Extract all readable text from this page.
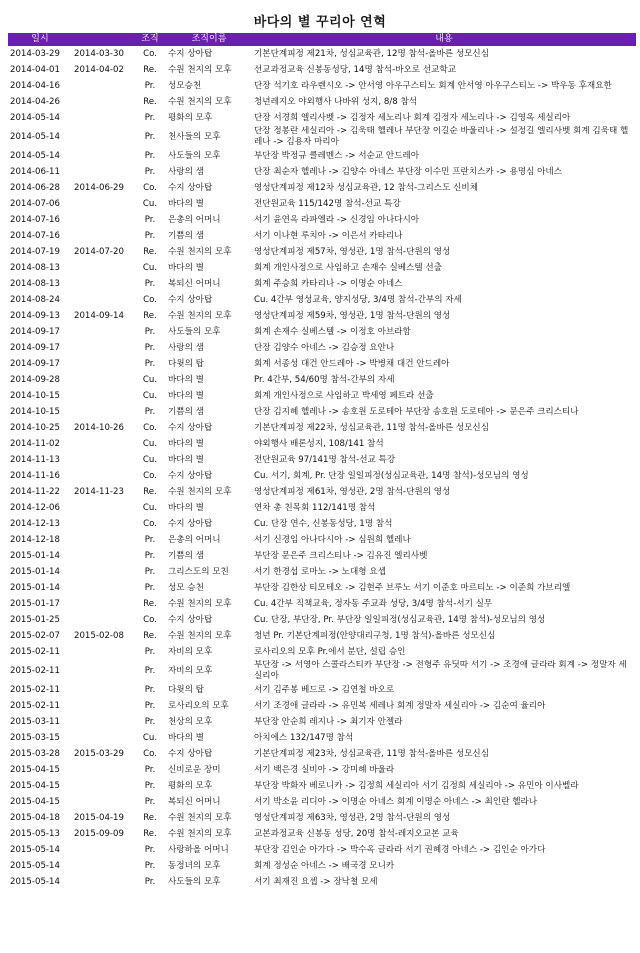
바다의 별 꾸리아 연혁
일시		조직	조직이름	내용
2014-03-29	2014-03-30	Co.	수지 상아탑	기본단계피정 제21차, 성심교육관, 12명 참석-올바른 성모신심
2014-04-01	2014-04-02	Re.	수원 천지의 모후	선교과정교육 신봉동성당, 14명 참석-바오로 선교학교
2014-04-16		Pr.	성모승천	단장 석기호 라우렌시오 -> 안서영 아우구스티노 회계 안서영 아우구스티노 -> 박우동 후재요한
2014-04-26		Re.	수원 천지의 모후	청년레지오 야외행사 나바위 성지, 8/8 참석
2014-05-14		Pr.	평화의 모후	단장 서경희 엘리사벳 -> 김정자 세노리나 회계 김정자 세노리나 -> 김영옥 세실리아
2014-05-14		Pr.	천사들의 모후	단장 정봉란 세실리아 -> 김욱태 헬레나 부단장 이길순 바울리나 -> 설정길 엘리사벳 회계 김욱태 헬레나 -> 김용자 마리아
2014-05-14		Pr.	사도들의 모후	부단장 박정규 클레멘스 -> 서순교 안드레아
2014-06-11		Pr.	사랑의 샘	단장 최순자 헬레나 -> 김양수 아네스 부단장 이수민 프란치스카 -> 용명심 아네스
2014-06-28	2014-06-29	Co.	수지 상아탑	영성단계피정 제12차 성심교육관, 12 참석-그리스도 신비체
2014-07-06		Cu.	바다의 별	전단원교육 115/142명 참석-선교 특강
2014-07-16		Pr.	은총의 어머니	서기 윤연옥 라파엘라 -> 신경임 아나다시아
2014-07-16		Pr.	기쁨의 샘	서기 이나현 루치아 -> 이은서 카타리나
2014-07-19	2014-07-20	Re.	수원 천지의 모후	영성단계피정 제57차, 영성관, 1명 참석-단원의 영성
2014-08-13		Cu.	바다의 별	회계 개인사정으로 사임하고 손재수 실베스텔 선출
2014-08-13		Pr.	복되신 어머니	회계 주승희 카타리나 -> 이명순 아네스
2014-08-24		Co.	수지 상아탑	Cu. 4간부 영성교육, 양지성당, 3/4명 참석-간부의 자세
2014-09-13	2014-09-14	Re.	수원 천지의 모후	영성단계피정 제59차, 영성관, 1명 참석-단원의 영성
2014-09-17		Pr.	사도들의 모후	회계 손재수 실베스텔 -> 이정호 아브라함
2014-09-17		Pr.	사랑의 샘	단장 김양수 아네스 -> 김승정 요안나
2014-09-17		Pr.	다윗의 탑	회계 서종성 대건 안드레아 -> 박병채 대건 안드레아
2014-09-28		Cu.	바다의 별	Pr. 4간부, 54/60명 참석-간부의 자세
2014-10-15		Cu.	바다의 별	회계 개인사정으로 사임하고 박세영 페트라 선출
2014-10-15		Pr.	기쁨의 샘	단장 김지혜 헬레나 -> 송호원 도로테아 부단장 송호원 도로테아 -> 문은주 크리스티나
2014-10-25	2014-10-26	Co.	수지 상아탑	기본단계피정 제22차, 성심교육관, 11명 참석-올바른 성모신심
2014-11-02		Cu.	바다의 별	야외행사 배론성지, 108/141 참석
2014-11-13		Cu.	바다의 별	전단원교육 97/141명 참석-선교 특강
2014-11-16		Co.	수지 상아탑	Cu. 서기, 회계, Pr. 단장 일일피정(성심교육관, 14명 참석)-성모님의 영성
2014-11-22	2014-11-23	Re.	수원 천지의 모후	영성단계피정 제61차, 영성관, 2명 참석-단원의 영성
2014-12-06		Cu.	바다의 별	연차 총 친목회 112/141명 참석
2014-12-13		Co.	수지 상아탑	Cu. 단장 연수, 신봉동성당, 1명 참석
2014-12-18		Pr.	은총의 어머니	서기 신경임 아나다시아 -> 심원희 헬레나
2015-01-14		Pr.	기쁨의 샘	부단장 문은주 크리스티나 -> 김유진 엘리사벳
2015-01-14		Pr.	그리스도의 모친	서기 한경섭 로마노 -> 노대형 요셉
2015-01-14		Pr.	성모 승천	부단장 김한상 티모테오 -> 김현주 브루노 서기 이준호 마르티노 -> 이준희 가브리엘
2015-01-17		Re.	수원 천지의 모후	Cu. 4간부 직책교육, 정자동 주교좌 성당, 3/4명 참석-서기 실무
2015-01-25		Co.	수지 상아탑	Cu. 단장, 부단장, Pr. 부단장 일일피정(성심교육관, 14명 참석)-성모님의 영성
2015-02-07	2015-02-08	Re.	수원 천지의 모후	청년 Pr. 기본단계피정(안양대리구청, 1명 참석)-올바른 성모신심
2015-02-11		Pr.	자비의 모후	로사리오의 모후 Pr.에서 분단, 설립 승인
2015-02-11		Pr.	자비의 모후	부단장 -> 서영아 스콜라스티카 부단장 -> 전형주 유딧따 서기 -> 조경애 글라라 회계 -> 정말자 세실리아
2015-02-11		Pr.	다윗의 탑	서기 김주봉 베드로 -> 김연철 바오로
2015-02-11		Pr.	로사리오의 모후	서기 조경애 글라라 -> 유민복 세레나 회계 정말자 세실리아 -> 김순여 율리아
2015-03-11		Pr.	천상의 모후	부단장 안순희 레지나 -> 최기자 안젤라
2015-03-15		Cu.	바다의 별	아치에스 132/147명 참석
2015-03-28	2015-03-29	Co.	수지 상아탑	기본단계피정 제23차, 성심교육관, 11명 참석-올바른 성모신심
2015-04-15		Pr.	신비로운 장미	서기 백은경 실비아 -> 강미혜 바울라
2015-04-15		Pr.	평화의 모후	부단장 박화자 베로니카 -> 김정희 세실리아 서기 김정희 세실리아 -> 유민아 이사벨라
2015-04-15		Pr.	복되신 어머니	서기 박소윤 리디아 -> 이명순 아네스 회계 이명순 아네스 -> 최인란 헬라나
2015-04-18	2015-04-19	Re.	수원 천지의 모후	영성단계피정 제63차, 영성관, 2명 참석-단원의 영성
2015-05-13	2015-09-09	Re.	수원 천지의 모후	교본과정교육 신봉동 성당, 20명 참석-레지오교본 교육
2015-05-14		Pr.	사랑하올 어머니	부단장 김인순 아가다 -> 박수옥 글라라 서기 권혜경 아네스 -> 김인순 아가다
2015-05-14		Pr.	동정녀의 모후	회계 정성순 아네스 -> 배국경 모니카
2015-05-14		Pr.	사도들의 모후	서기 최재진 요셉 -> 장낙철 모세
